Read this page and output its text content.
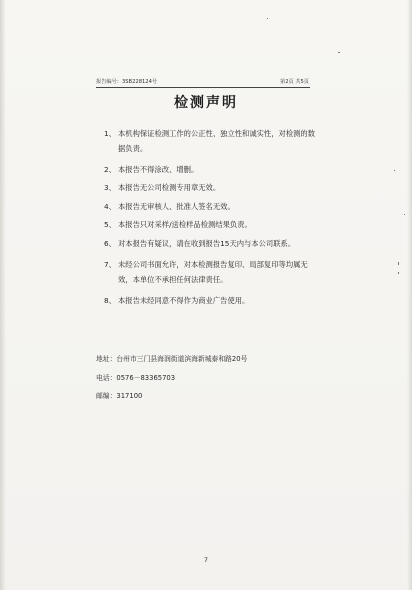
报告编号：3SB228124号	第2页 共5页
检测声明
1、 本机构保证检测工作的公正性、独立性和诚实性，对检测的数据负责。
2、 本报告不得涂改、增删。
3、 本报告无公司检测专用章无效。
4、 本报告无审核人、批准人签名无效。
5、 本报告只对采样/送检样品检测结果负责。
6、 对本报告有疑议，请在收到报告15天内与本公司联系。
7、 未经公司书面允许，对本检测报告复印、局部复印等均属无效，本单位不承担任何法律责任。
8、 本报告未经同意不得作为商业广告使用。
地址：台州市三门县海润街道滨海新城泰和路20号
电话：0576－83365703
邮编：317100
7
